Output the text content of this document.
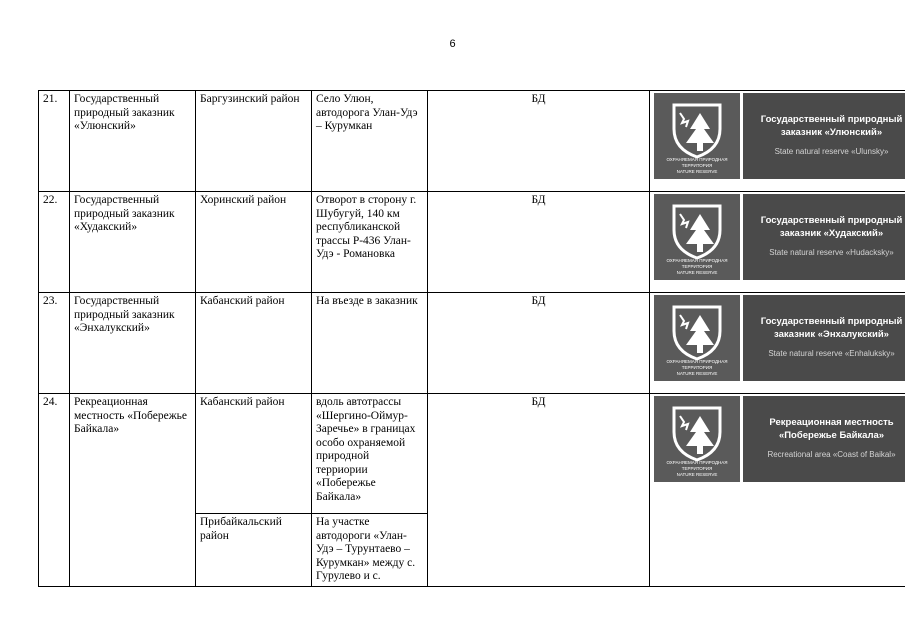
6
21.	Государственный природный заказник «Улюнский»	Баргузинский район	Село Улюн, автодорога Улан-Удэ – Курумкан	БД	ОХРАНЯЕМАЯ ПРИРОДНАЯ ТЕРРИТОРИЯ
NATURE RESERVE
Государственный природный
заказник «Улюнский»
State natural reserve «Ulunsky»

22.	Государственный природный заказник «Худакский»	Хоринский район	Отворот в сторону г. Шубугуй, 140 км республиканской трассы Р-436 Улан-Удэ - Романовка	БД	ОХРАНЯЕМАЯ ПРИРОДНАЯ ТЕРРИТОРИЯ
NATURE RESERVE
Государственный природный
заказник «Худакский»
State natural reserve «Hudacksky»

23.	Государственный природный заказник «Энхалукский»	Кабанский район	На въезде в заказник	БД	ОХРАНЯЕМАЯ ПРИРОДНАЯ ТЕРРИТОРИЯ
NATURE RESERVE
Государственный природный
заказник «Энхалукский»
State natural reserve «Enhaluksky»

24.	Рекреационная местность «Побережье Байкала»	Кабанский район	вдоль автотрассы «Шергино-Оймур-Заречье» в границах особо охраняемой природной терриории «Побережье Байкала»	БД	ОХРАНЯЕМАЯ ПРИРОДНАЯ ТЕРРИТОРИЯ
NATURE RESERVE
Рекреационная местность
«Побережье Байкала»
Recreational area «Coast of Baikal»

		Прибайкальский район	На участке автодороги «Улан-Удэ – Турунтаево – Курумкан» между с. Гурулево и с.		
